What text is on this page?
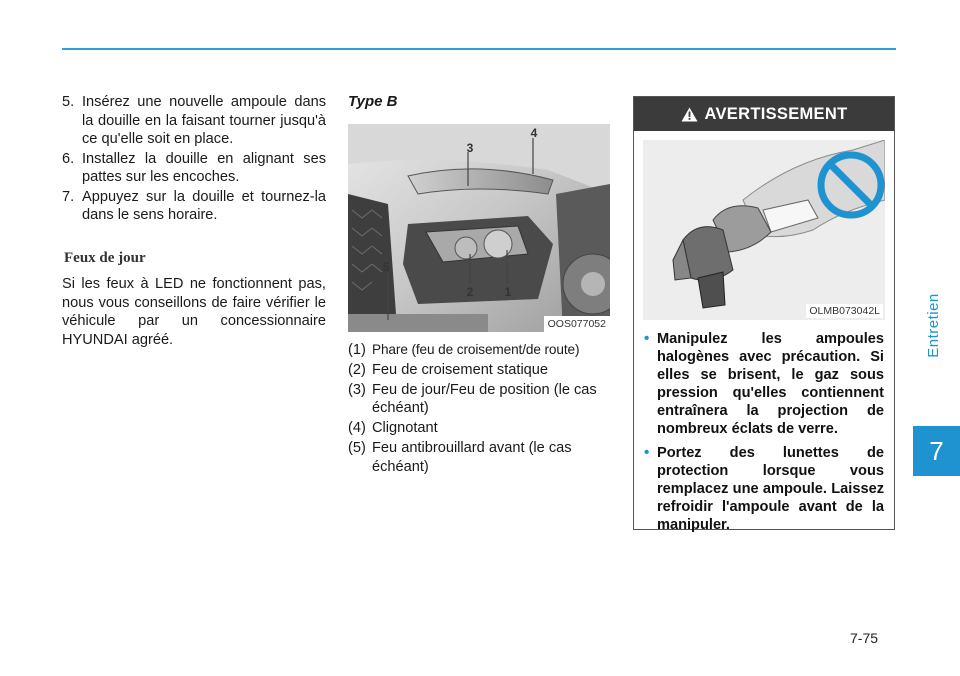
Entretien
7
5. Insérez une nouvelle ampoule dans la douille en la faisant tourner jusqu'à ce qu'elle soit en place.
6. Installez la douille en alignant ses pattes sur les encoches.
7. Appuyez sur la douille et tournez-la dans le sens horaire.
Feux de jour

Si les feux à LED ne fonctionnent pas, nous vous conseillons de faire vérifier le véhicule par un concessionnaire HYUNDAI agréé.

Type B
3
4
5
2	1
OOS077052
(1) Phare (feu de croisement/de route)
(2) Feu de croisement statique
(3) Feu de jour/Feu de position (le cas échéant)
(4) Clignotant
(5) Feu antibrouillard avant (le cas échéant)
AVERTISSEMENT
OLMB073042L
• Manipulez les ampoules halogènes avec précaution. Si elles se brisent, le gaz sous pression qu'elles contiennent entraînera la projection de nombreux éclats de verre.
• Portez des lunettes de protection lorsque vous remplacez une ampoule. Laissez refroidir l'ampoule avant de la manipuler.
7-75
